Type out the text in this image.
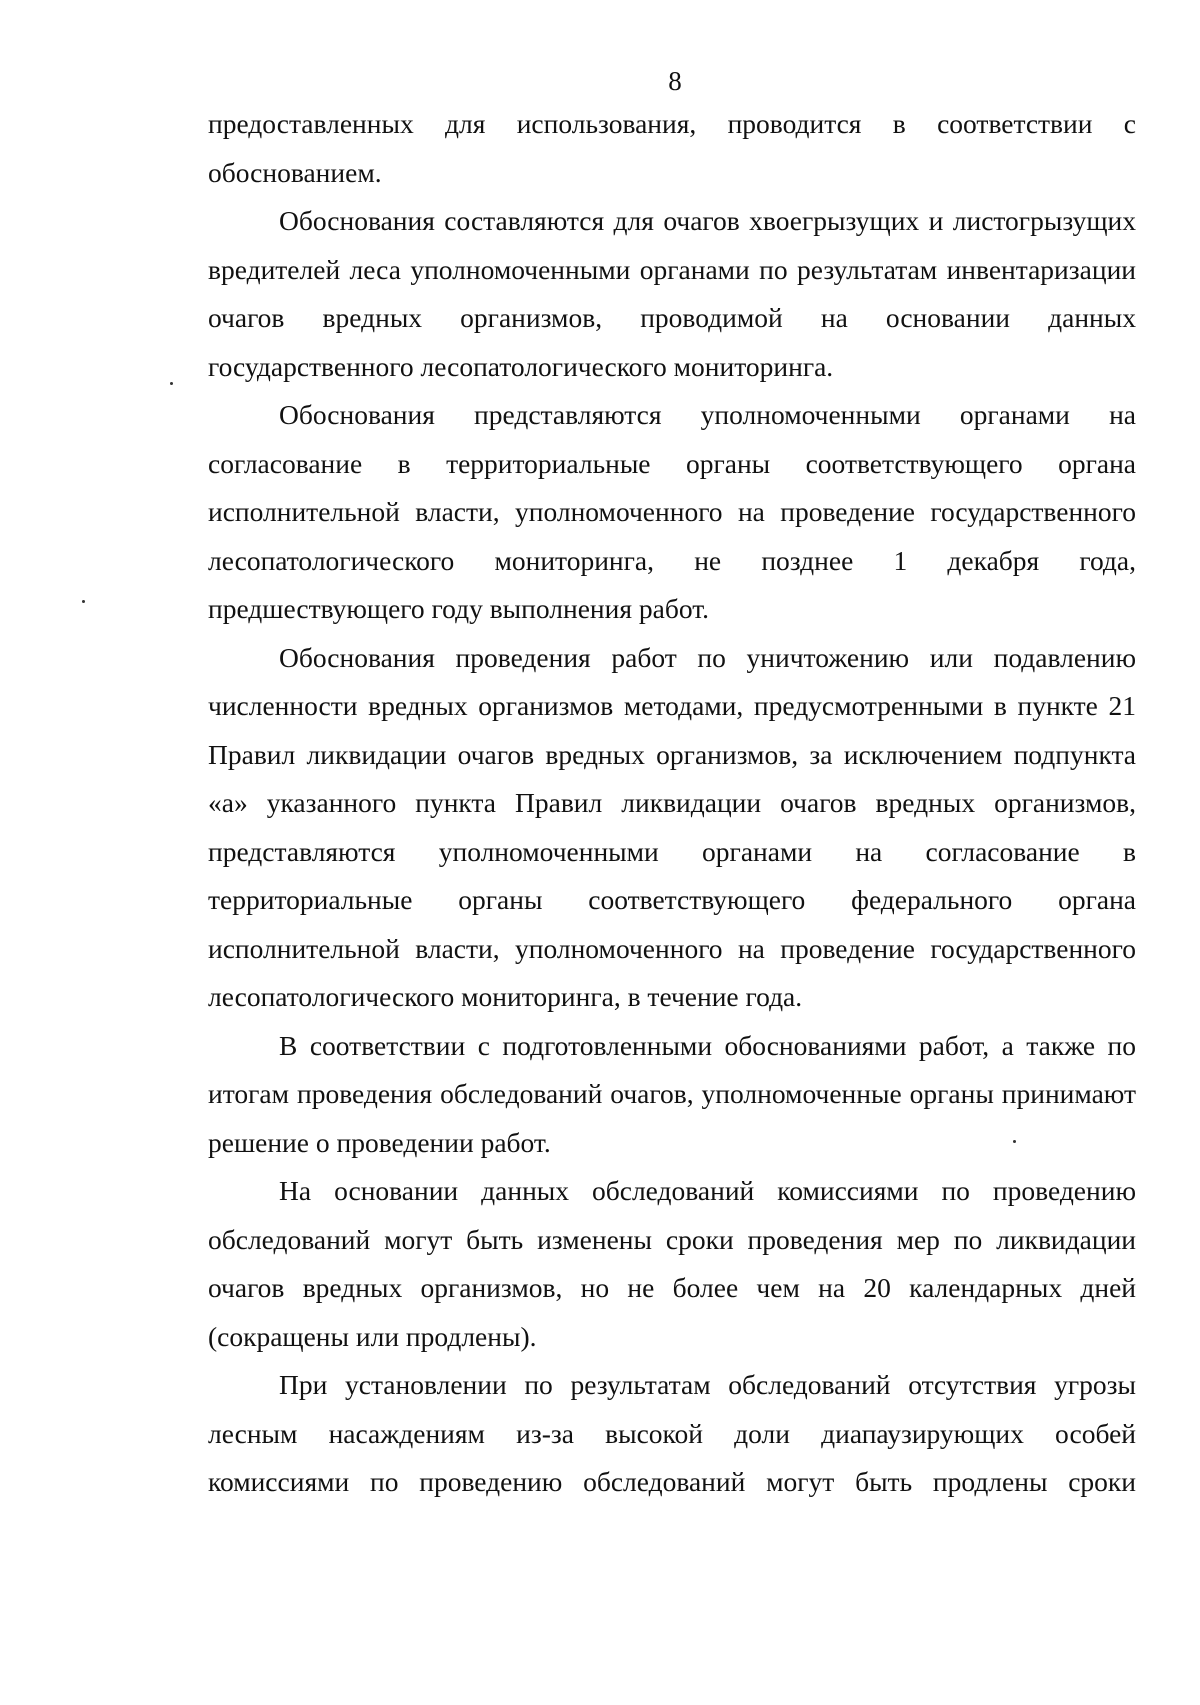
8

предоставленных для использования, проводится в соответствии с обоснованием.

Обоснования составляются для очагов хвоегрызущих и листогрызущих вредителей леса уполномоченными органами по результатам инвентаризации очагов вредных организмов, проводимой на основании данных государственного лесопатологического мониторинга.

Обоснования представляются уполномоченными органами на согласование в территориальные органы соответствующего органа исполнительной власти, уполномоченного на проведение государственного лесопатологического мониторинга, не позднее 1 декабря года, предшествующего году выполнения работ.

Обоснования проведения работ по уничтожению или подавлению численности вредных организмов методами, предусмотренными в пункте 21 Правил ликвидации очагов вредных организмов, за исключением подпункта «а» указанного пункта Правил ликвидации очагов вредных организмов, представляются уполномоченными органами на согласование в территориальные органы соответствующего федерального органа исполнительной власти, уполномоченного на проведение государственного лесопатологического мониторинга, в течение года.

В соответствии с подготовленными обоснованиями работ, а также по итогам проведения обследований очагов, уполномоченные органы принимают решение о проведении работ.

На основании данных обследований комиссиями по проведению обследований могут быть изменены сроки проведения мер по ликвидации очагов вредных организмов, но не более чем на 20 календарных дней (сокращены или продлены).

При установлении по результатам обследований отсутствия угрозы лесным насаждениям из-за высокой доли диапаузирующих особей комиссиями по проведению обследований могут быть продлены сроки
